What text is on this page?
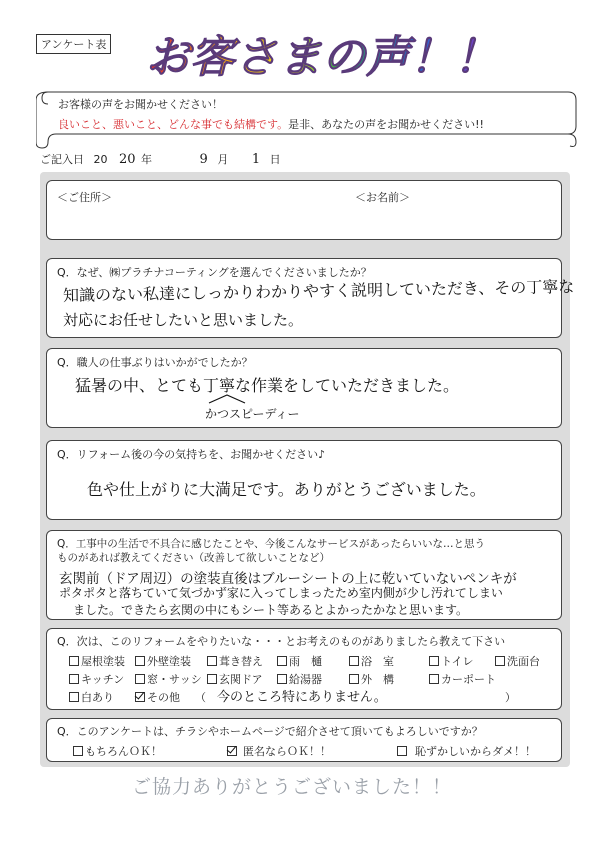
アンケート表 お客さまの声！！
お客様の声をお聞かせください！
良いこと、悪いこと、どんな事でも結構です。是非、あなたの声をお聞かせください!!
ご記入日 20 20 年	9 月 1 日
＜ご住所＞	＜お名前＞
Q．なぜ、㈱プラチナコーティングを選んでくださいましたか？
知識のない私達にしっかりわかりやすく説明していただき、その丁寧な
対応にお任せしたいと思いました。
Q．職人の仕事ぶりはいかがでしたか？
猛暑の中、とても丁寧な作業をしていただきました。
かつスピーディー
Q．リフォーム後の今の気持ちを、お聞かせください♪
色や仕上がりに大満足です。ありがとうございました。
Q．工事中の生活で不具合に感じたことや、今後こんなサービスがあったらいいな…と思う
ものがあれば教えてください（改善して欲しいことなど）
玄関前（ドア周辺）の塗装直後はブルーシートの上に乾いていないペンキが
ポタポタと落ちていて気づかず家に入ってしまったため室内側が少し汚れてしまい
ました。できたら玄関の中にもシート等あるとよかったかなと思います。
Q．次は、このリフォームをやりたいな・・・とお考えのものがありましたら教えて下さい
屋根塗装	外壁塗装	葺き替え	雨　樋	浴　室	トイレ	洗面台
キッチン	窓・サッシ	玄関ドア	給湯器	外　構	カーポート
白あり	その他 （ 今のところ特にありません。	）
Q．このアンケートは、チラシやホームページで紹介させて頂いてもよろしいですか？
もちろんＯＫ！	匿名ならＯＫ！！	恥ずかしいからダメ！！
ご協力ありがとうございました！！
